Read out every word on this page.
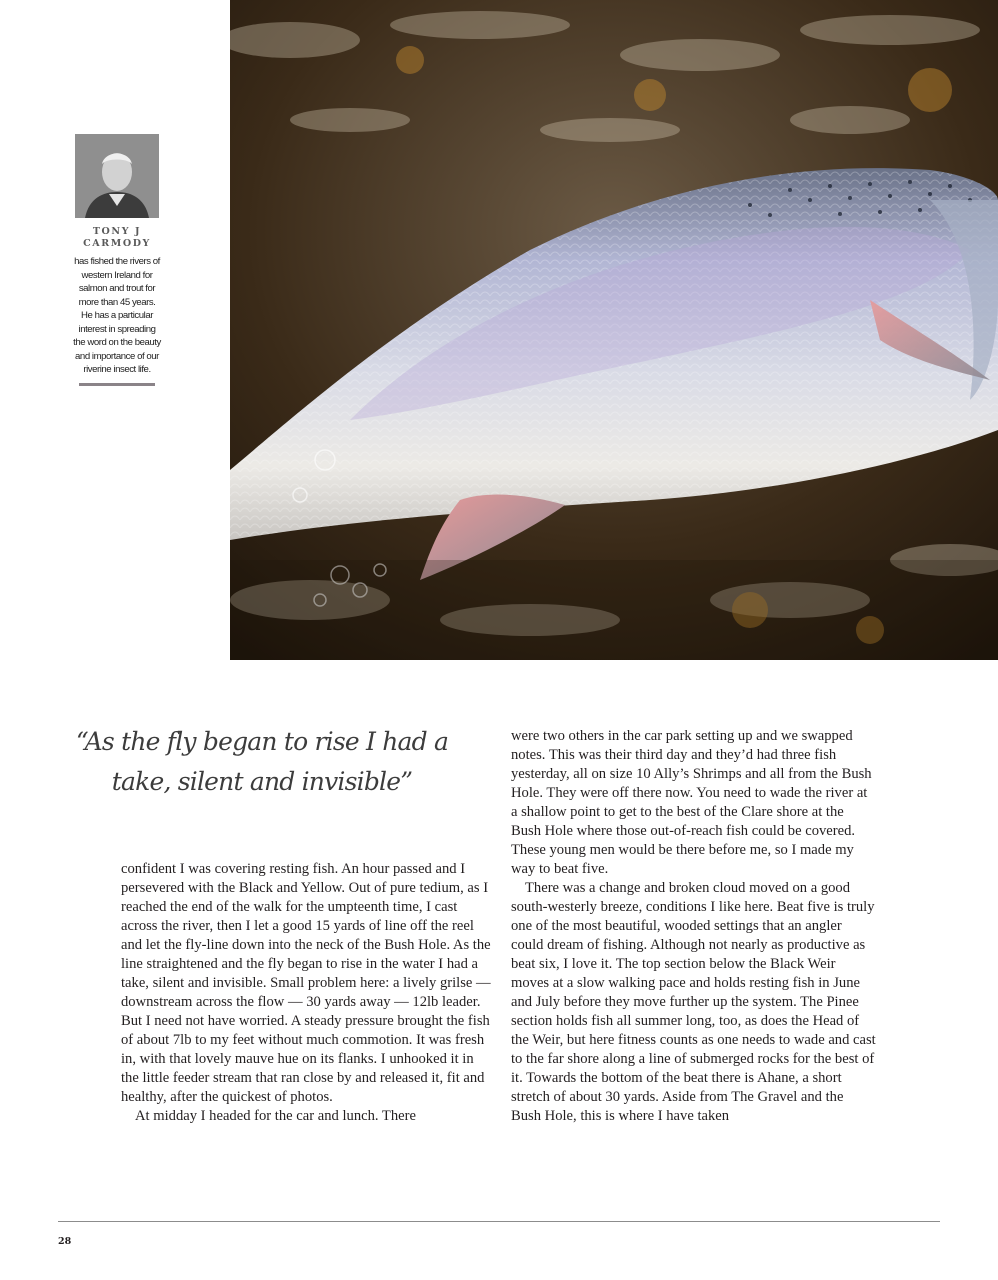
TONY J
CARMODY
has fished the rivers of western Ireland for salmon and trout for more than 45 years. He has a particular interest in spreading the word on the beauty and importance of our riverine insect life.
“As the fly began to rise I had a take, silent and invisible”

confident I was covering resting fish. An hour passed and I persevered with the Black and Yellow. Out of pure tedium, as I reached the end of the walk for the umpteenth time, I cast across the river, then I let a good 15 yards of line off the reel and let the fly-line down into the neck of the Bush Hole. As the line straightened and the fly began to rise in the water I had a take, silent and invisible. Small problem here: a lively grilse — downstream across the flow — 30 yards away — 12lb leader. But I need not have worried. A steady pressure brought the fish of about 7lb to my feet without much commotion. It was fresh in, with that lovely mauve hue on its flanks. I unhooked it in the little feeder stream that ran close by and released it, fit and healthy, after the quickest of photos.

At midday I headed for the car and lunch. There

were two others in the car park setting up and we swapped notes. This was their third day and they’d had three fish yesterday, all on size 10 Ally’s Shrimps and all from the Bush Hole. They were off there now. You need to wade the river at a shallow point to get to the best of the Clare shore at the Bush Hole where those out-of-reach fish could be covered. These young men would be there before me, so I made my way to beat five.

There was a change and broken cloud moved on a good south-westerly breeze, conditions I like here. Beat five is truly one of the most beautiful, wooded settings that an angler could dream of fishing. Although not nearly as productive as beat six, I love it. The top section below the Black Weir moves at a slow walking pace and holds resting fish in June and July before they move further up the system. The Pinee section holds fish all summer long, too, as does the Head of the Weir, but here fitness counts as one needs to wade and cast to the far shore along a line of submerged rocks for the best of it. Towards the bottom of the beat there is Ahane, a short stretch of about 30 yards. Aside from The Gravel and the Bush Hole, this is where I have taken

28
